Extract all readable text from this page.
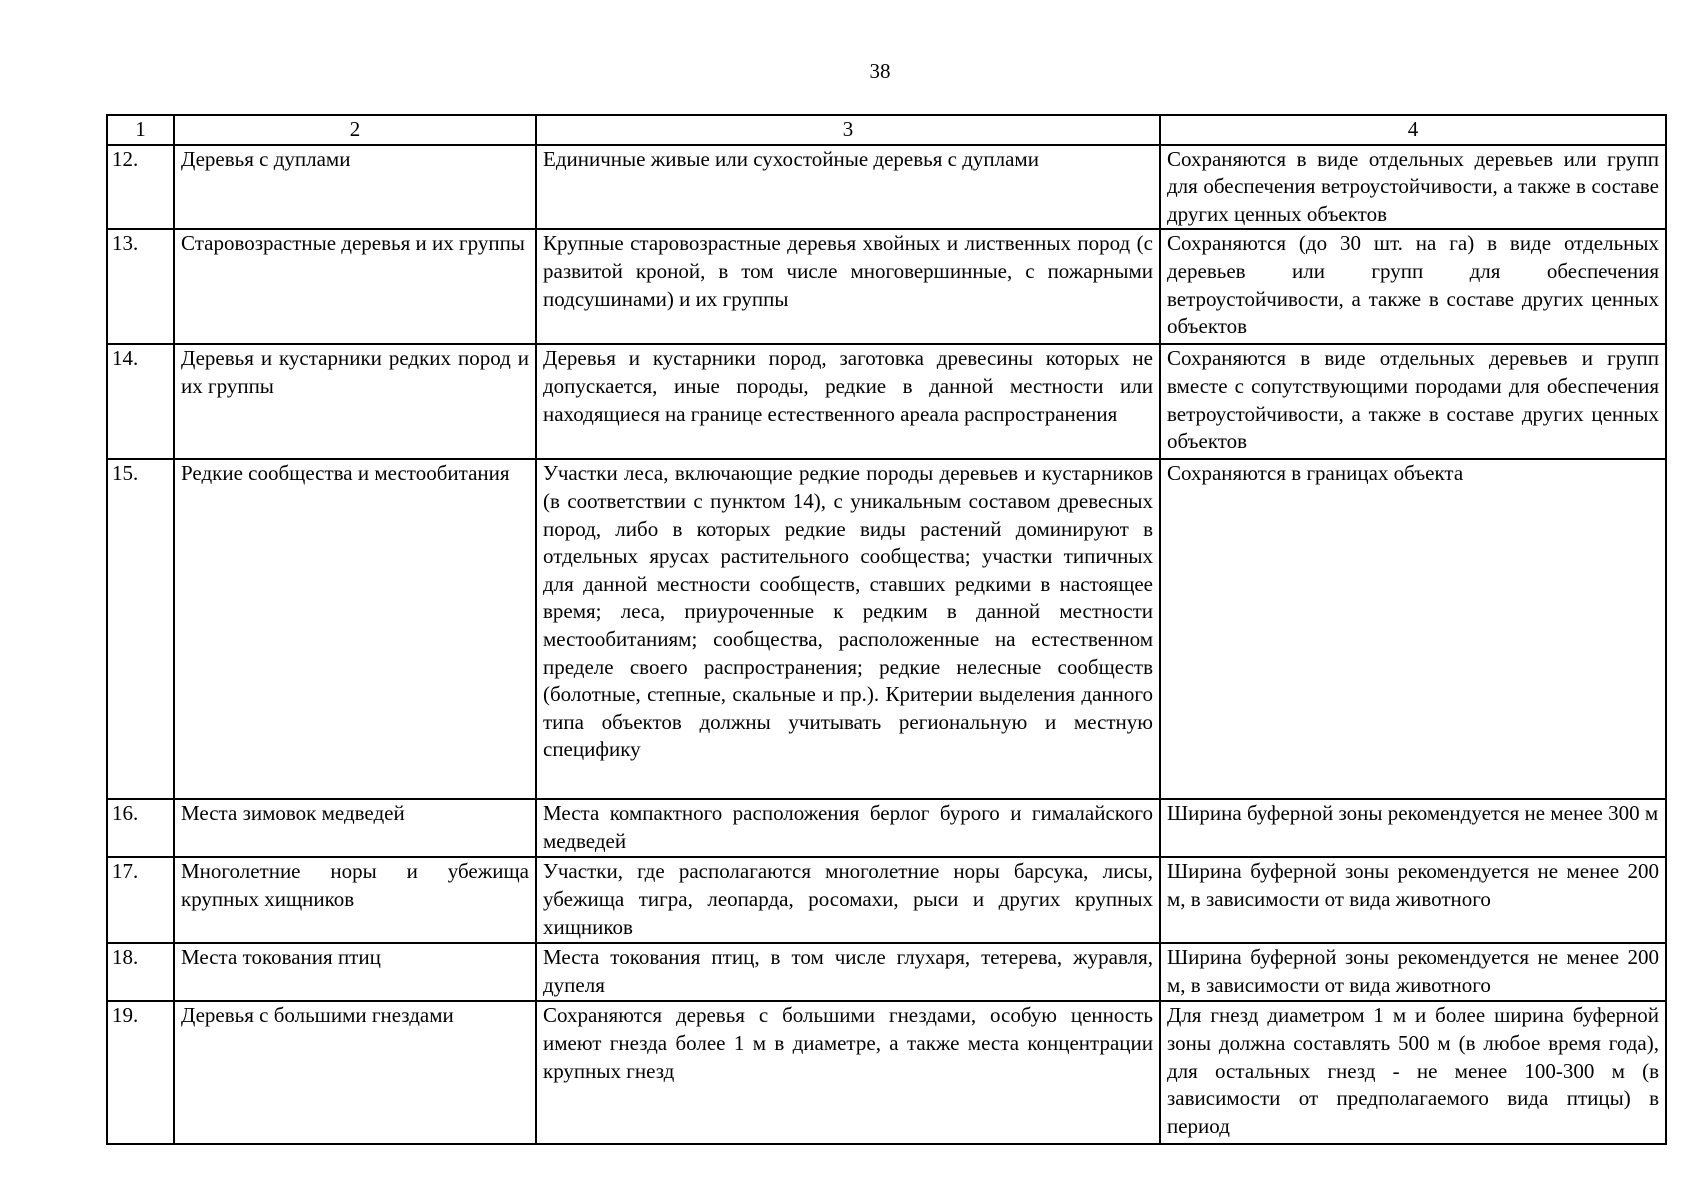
38
1	2	3	4
12.	Деревья с дуплами	Единичные живые или сухостойные деревья с дуплами	Сохраняются в виде отдельных деревьев или групп для обеспечения ветроустойчивости, а также в составе других ценных объектов
13.	Старовозрастные деревья и их группы	Крупные старовозрастные деревья хвойных и лиственных пород (с развитой кроной, в том числе многовершинные, с пожарными подсушинами) и их группы	Сохраняются (до 30 шт. на га) в виде отдельных деревьев или групп для обеспечения ветроустойчивости, а также в составе других ценных объектов
14.	Деревья и кустарники редких пород и их группы	Деревья и кустарники пород, заготовка древесины которых не допускается, иные породы, редкие в данной местности или находящиеся на границе естественного ареала распространения	Сохраняются в виде отдельных деревьев и групп вместе с сопутствующими породами для обеспечения ветроустойчивости, а также в составе других ценных объектов
15.	Редкие сообщества и местообитания	Участки леса, включающие редкие породы деревьев и кустарников (в соответствии с пунктом 14), с уникальным составом древесных пород, либо в которых редкие виды растений доминируют в отдельных ярусах растительного сообщества; участки типичных для данной местности сообществ, ставших редкими в настоящее время; леса, приуроченные к редким в данной местности местообитаниям; сообщества, расположенные на естественном пределе своего распространения; редкие нелесные сообществ (болотные, степные, скальные и пр.). Критерии выделения данного типа объектов должны учитывать региональную и местную специфику	Сохраняются в границах объекта
16.	Места зимовок медведей	Места компактного расположения берлог бурого и гималайского медведей	Ширина буферной зоны рекомендуется не менее 300 м
17.	Многолетние норы и убежища крупных хищников	Участки, где располагаются многолетние норы барсука, лисы, убежища тигра, леопарда, росомахи, рыси и других крупных хищников	Ширина буферной зоны рекомендуется не менее 200 м, в зависимости от вида животного
18.	Места токования птиц	Места токования птиц, в том числе глухаря, тетерева, журавля, дупеля	Ширина буферной зоны рекомендуется не менее 200 м, в зависимости от вида животного
19.	Деревья с большими гнездами	Сохраняются деревья с большими гнездами, особую ценность имеют гнезда более 1 м в диаметре, а также места концентрации крупных гнезд	Для гнезд диаметром 1 м и более ширина буферной зоны должна составлять 500 м (в любое время года), для остальных гнезд - не менее 100-300 м (в зависимости от предполагаемого вида птицы) в период
